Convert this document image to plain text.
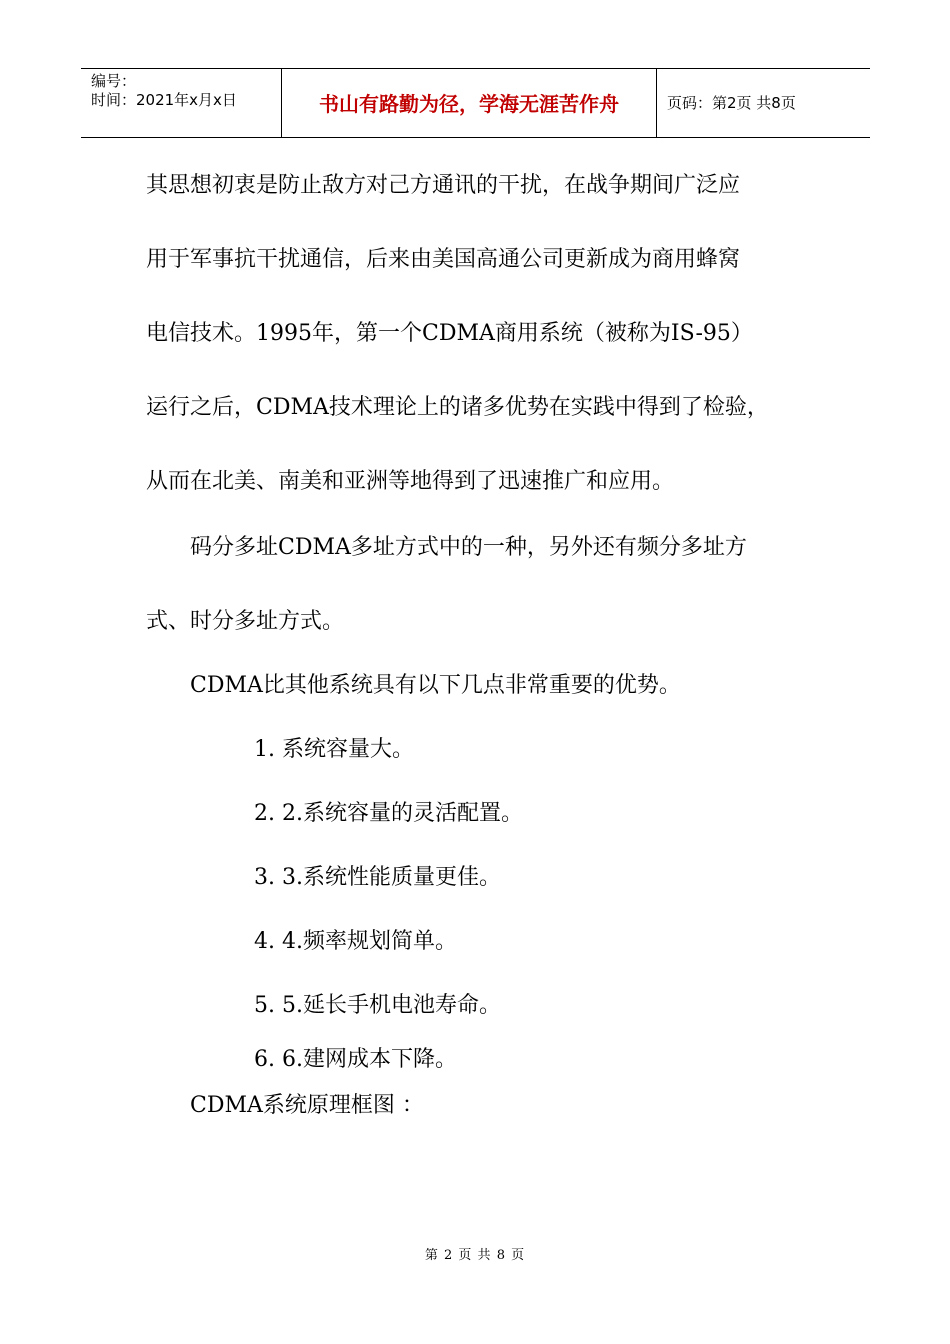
编号：
时间：2021年x月x日	书山有路勤为径，学海无涯苦作舟	页码：第2页 共8页
其思想初衷是防止敌方对己方通讯的干扰，在战争期间广泛应
用于军事抗干扰通信，后来由美国高通公司更新成为商用蜂窝
电信技术。1995年，第一个CDMA商用系统（被称为IS-95）
运行之后，CDMA技术理论上的诸多优势在实践中得到了检验，
从而在北美、南美和亚洲等地得到了迅速推广和应用。
码分多址CDMA多址方式中的一种，另外还有频分多址方
式、时分多址方式。
CDMA比其他系统具有以下几点非常重要的优势。
1. 系统容量大。
2. 2.系统容量的灵活配置。
3. 3.系统性能质量更佳。
4. 4.频率规划简单。
5. 5.延长手机电池寿命。
6. 6.建网成本下降。
CDMA系统原理框图 ：
第 2 页 共 8 页
